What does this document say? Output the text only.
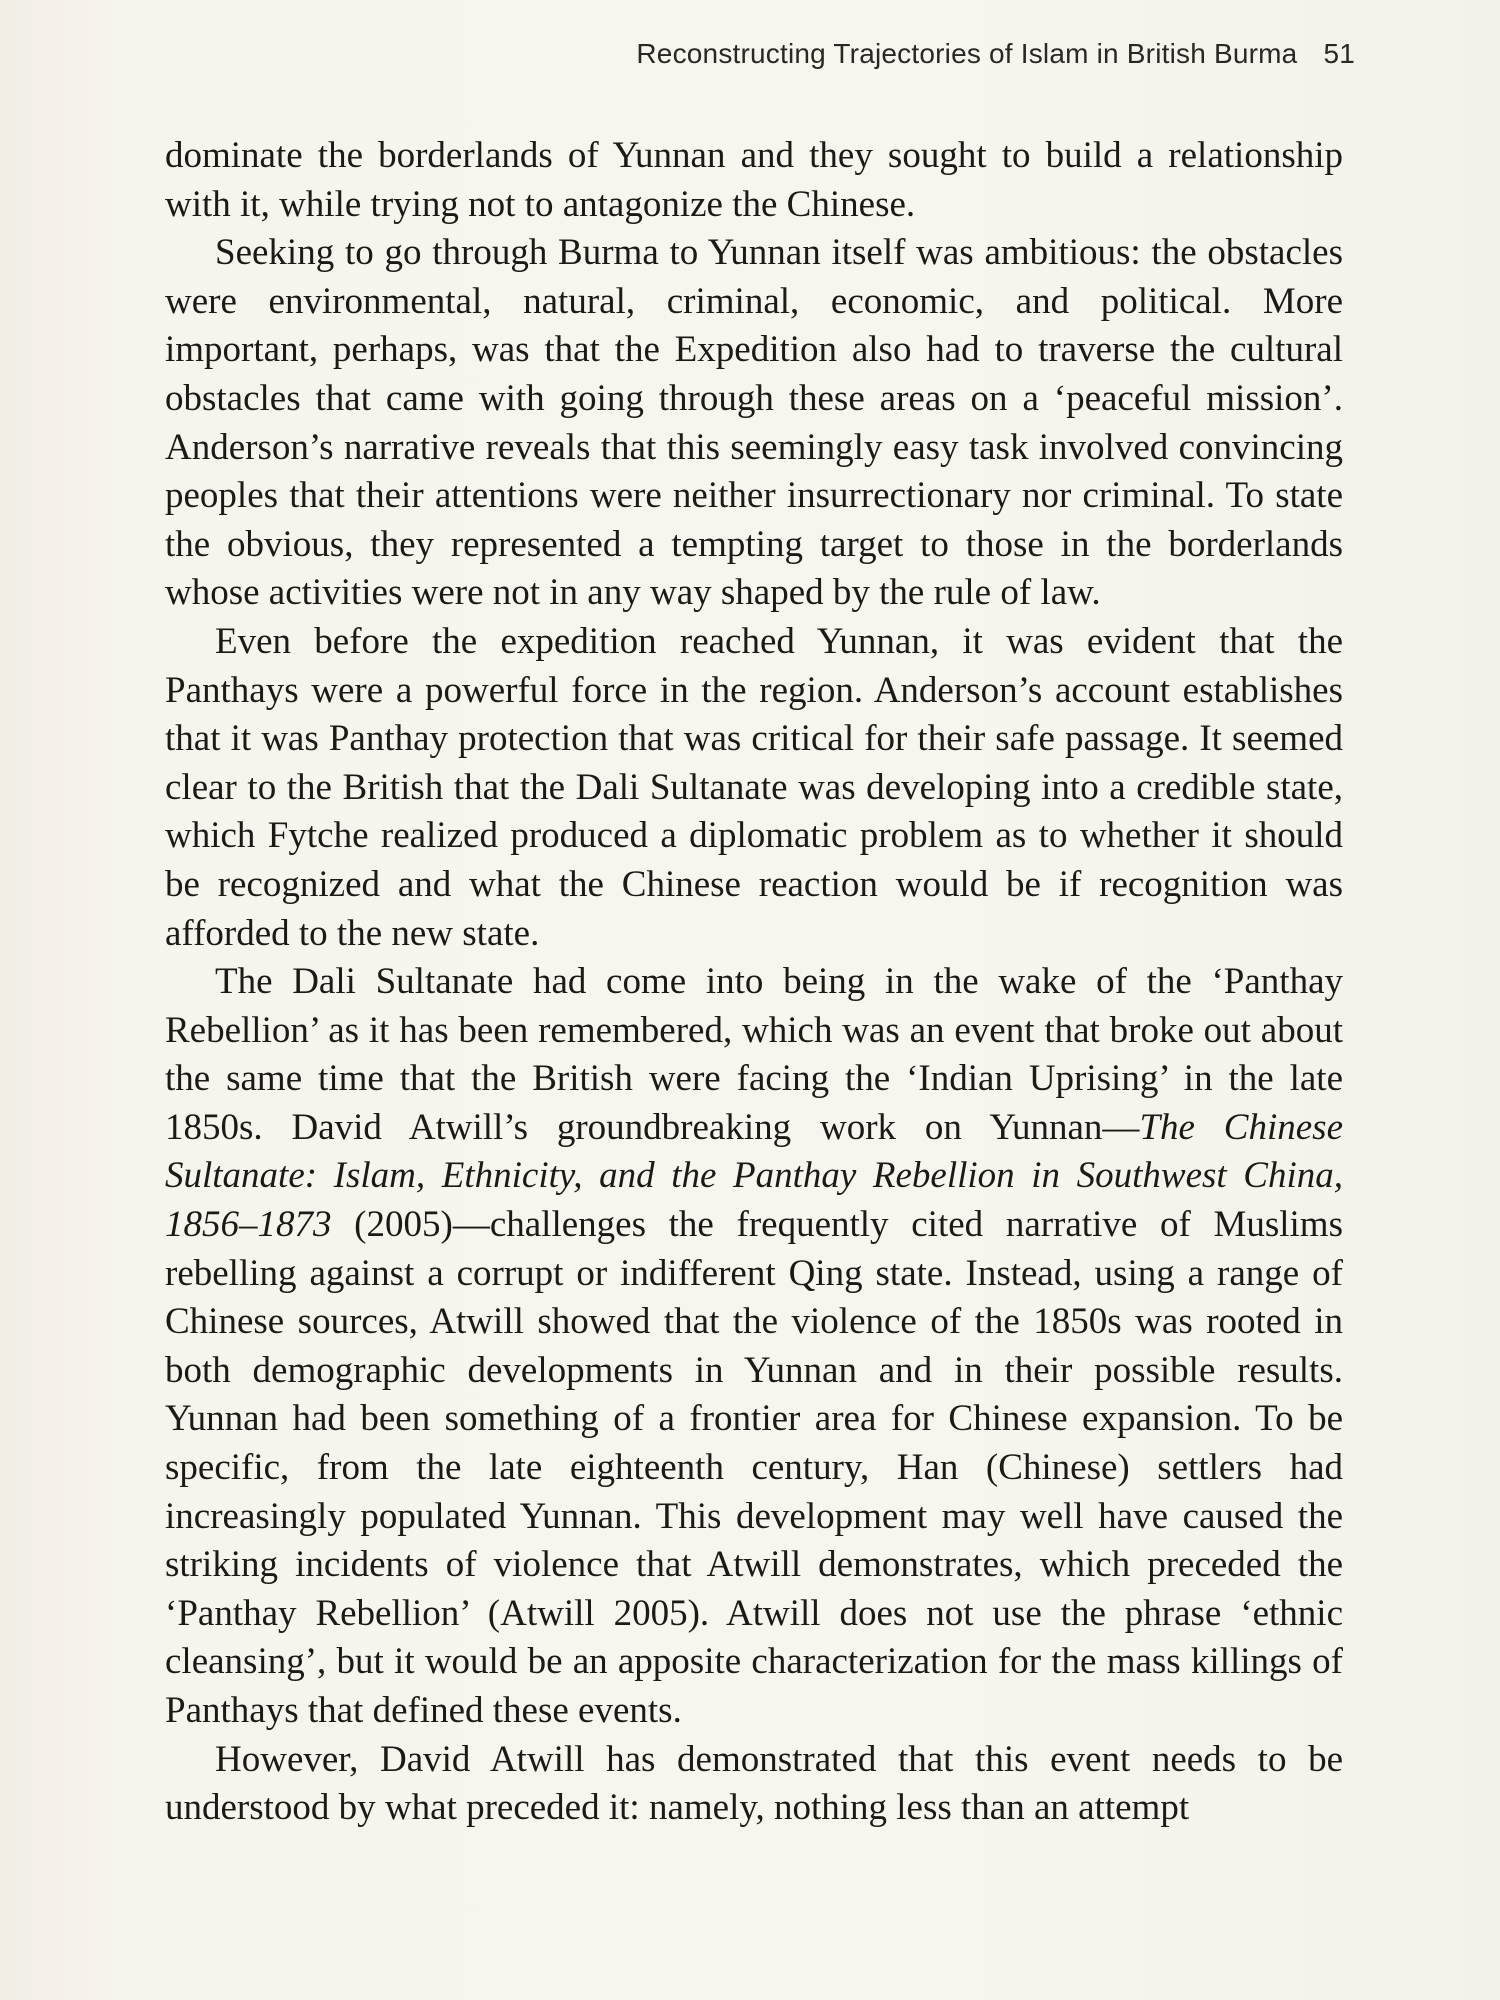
Reconstructing Trajectories of Islam in British Burma 51

dominate the borderlands of Yunnan and they sought to build a relationship with it, while trying not to antagonize the Chinese.

Seeking to go through Burma to Yunnan itself was ambitious: the obstacles were environmental, natural, criminal, economic, and political. More important, perhaps, was that the Expedition also had to traverse the cultural obstacles that came with going through these areas on a ‘peaceful mission’. Anderson’s narrative reveals that this seemingly easy task involved convincing peoples that their attentions were neither insurrectionary nor criminal. To state the obvious, they represented a tempting target to those in the borderlands whose activities were not in any way shaped by the rule of law.

Even before the expedition reached Yunnan, it was evident that the Panthays were a powerful force in the region. Anderson’s account establishes that it was Panthay protection that was critical for their safe passage. It seemed clear to the British that the Dali Sultanate was developing into a credible state, which Fytche realized produced a diplomatic problem as to whether it should be recognized and what the Chinese reaction would be if recognition was afforded to the new state.

The Dali Sultanate had come into being in the wake of the ‘Panthay Rebellion’ as it has been remembered, which was an event that broke out about the same time that the British were facing the ‘Indian Uprising’ in the late 1850s. David Atwill’s groundbreaking work on Yunnan—The Chinese Sultanate: Islam, Ethnicity, and the Panthay Rebellion in Southwest China, 1856–1873 (2005)—challenges the frequently cited narrative of Muslims rebelling against a corrupt or indifferent Qing state. Instead, using a range of Chinese sources, Atwill showed that the violence of the 1850s was rooted in both demographic developments in Yunnan and in their possible results. Yunnan had been something of a frontier area for Chinese expansion. To be specific, from the late eighteenth century, Han (Chinese) settlers had increasingly populated Yunnan. This development may well have caused the striking incidents of violence that Atwill demonstrates, which preceded the ‘Panthay Rebellion’ (Atwill 2005). Atwill does not use the phrase ‘ethnic cleansing’, but it would be an apposite characterization for the mass killings of Panthays that defined these events.

However, David Atwill has demonstrated that this event needs to be understood by what preceded it: namely, nothing less than an attempt
